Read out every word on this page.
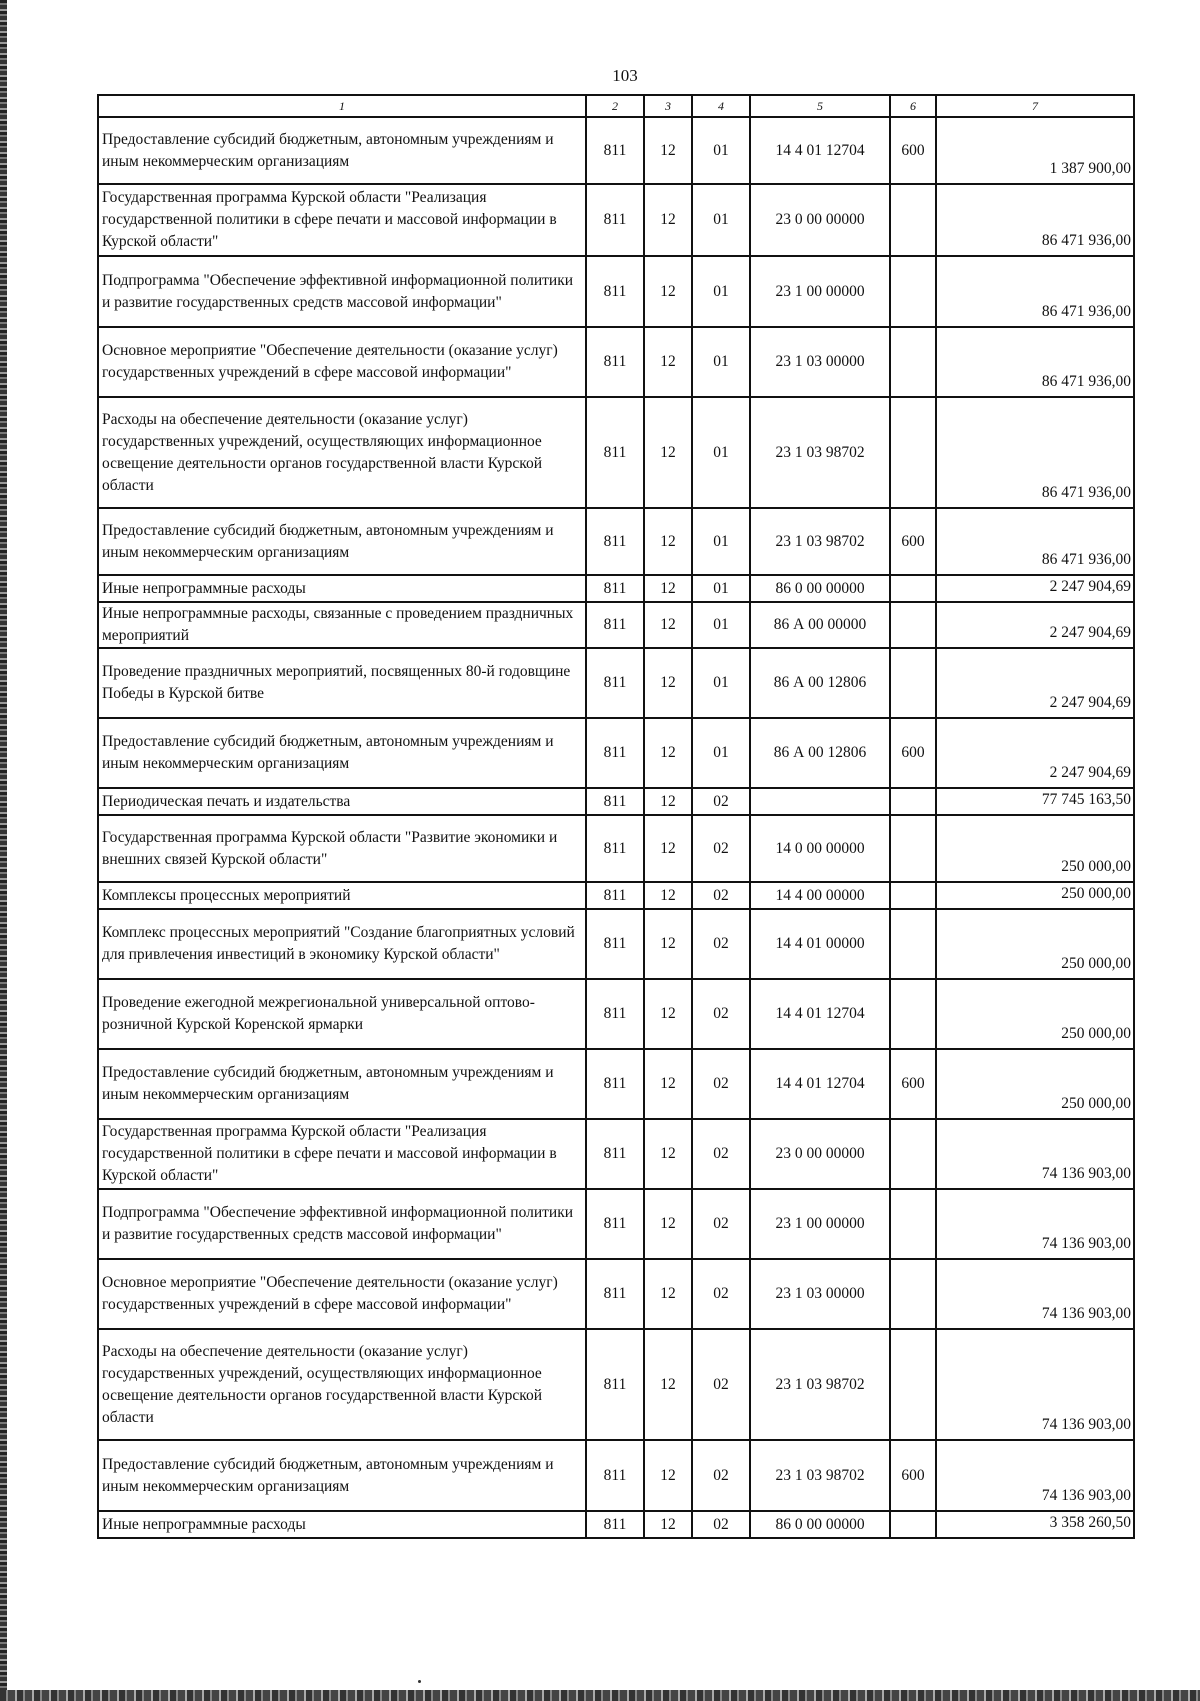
103
1	2	3	4	5	6	7
Предоставление субсидий бюджетным, автономным учреждениям и иным некоммерческим организациям	811	12	01	14 4 01 12704	600	1 387 900,00
Государственная программа Курской области "Реализация государственной политики в сфере печати и массовой информации в Курской области"	811	12	01	23 0 00 00000		86 471 936,00
Подпрограмма "Обеспечение эффективной информационной политики и развитие государственных средств массовой информации"	811	12	01	23 1 00 00000		86 471 936,00
Основное мероприятие "Обеспечение деятельности (оказание услуг) государственных учреждений в сфере массовой информации"	811	12	01	23 1 03 00000		86 471 936,00
Расходы на обеспечение деятельности (оказание услуг) государственных учреждений, осуществляющих информационное освещение деятельности органов государственной власти Курской области	811	12	01	23 1 03 98702		86 471 936,00
Предоставление субсидий бюджетным, автономным учреждениям и иным некоммерческим организациям	811	12	01	23 1 03 98702	600	86 471 936,00
Иные непрограммные расходы	811	12	01	86 0 00 00000		2 247 904,69
Иные непрограммные расходы, связанные с проведением праздничных мероприятий	811	12	01	86 А 00 00000		2 247 904,69
Проведение праздничных мероприятий, посвященных 80-й годовщине Победы в Курской битве	811	12	01	86 А 00 12806		2 247 904,69
Предоставление субсидий бюджетным, автономным учреждениям и иным некоммерческим организациям	811	12	01	86 А 00 12806	600	2 247 904,69
Периодическая печать и издательства	811	12	02			77 745 163,50
Государственная программа Курской области "Развитие экономики и внешних связей Курской области"	811	12	02	14 0 00 00000		250 000,00
Комплексы процессных мероприятий	811	12	02	14 4 00 00000		250 000,00
Комплекс процессных мероприятий "Создание благоприятных условий для привлечения инвестиций в экономику Курской области"	811	12	02	14 4 01 00000		250 000,00
Проведение ежегодной межрегиональной универсальной оптово-розничной Курской Коренской ярмарки	811	12	02	14 4 01 12704		250 000,00
Предоставление субсидий бюджетным, автономным учреждениям и иным некоммерческим организациям	811	12	02	14 4 01 12704	600	250 000,00
Государственная программа Курской области "Реализация государственной политики в сфере печати и массовой информации в Курской области"	811	12	02	23 0 00 00000		74 136 903,00
Подпрограмма "Обеспечение эффективной информационной политики и развитие государственных средств массовой информации"	811	12	02	23 1 00 00000		74 136 903,00
Основное мероприятие "Обеспечение деятельности (оказание услуг) государственных учреждений в сфере массовой информации"	811	12	02	23 1 03 00000		74 136 903,00
Расходы на обеспечение деятельности (оказание услуг) государственных учреждений, осуществляющих информационное освещение деятельности органов государственной власти Курской области	811	12	02	23 1 03 98702		74 136 903,00
Предоставление субсидий бюджетным, автономным учреждениям и иным некоммерческим организациям	811	12	02	23 1 03 98702	600	74 136 903,00
Иные непрограммные расходы	811	12	02	86 0 00 00000		3 358 260,50
